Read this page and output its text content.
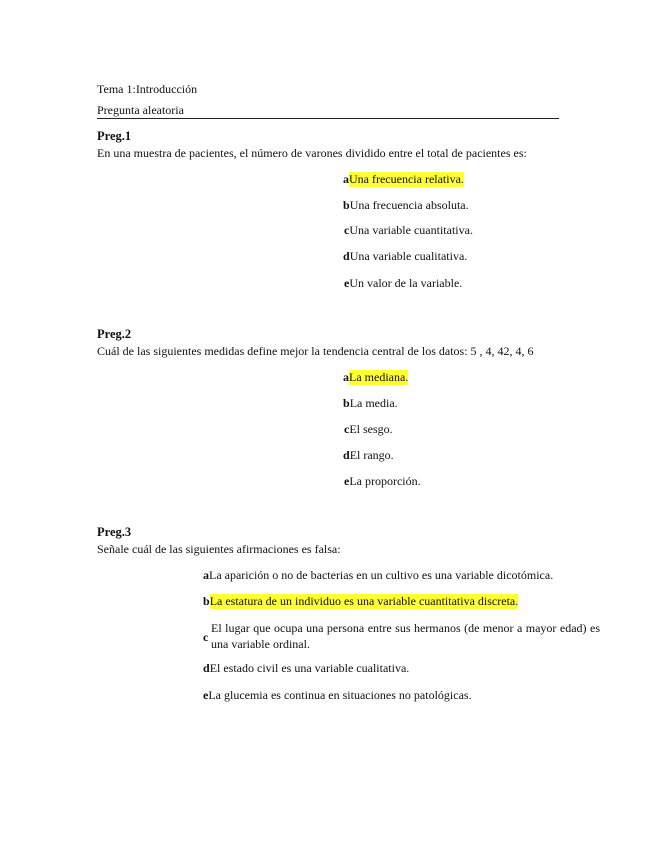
Tema 1:Introducción
Pregunta aleatoria
Preg.1
En una muestra de pacientes, el número de varones dividido entre el total de pacientes es:
aUna frecuencia relativa.
bUna frecuencia absoluta.
cUna variable cuantitativa.
dUna variable cualitativa.
eUn valor de la variable.
Preg.2
Cuál de las siguientes medidas define mejor la tendencia central de los datos: 5 , 4, 42, 4, 6
aLa mediana.
bLa media.
cEl sesgo.
dEl rango.
eLa proporción.
Preg.3
Señale cuál de las siguientes afirmaciones es falsa:
aLa aparición o no de bacterias en un cultivo es una variable dicotómica.
bLa estatura de un individuo es una variable cuantitativa discreta.
c
El lugar que ocupa una persona entre sus hermanos (de menor a mayor edad) es una variable ordinal.
dEl estado civil es una variable cualitativa.
eLa glucemia es continua en situaciones no patológicas.
